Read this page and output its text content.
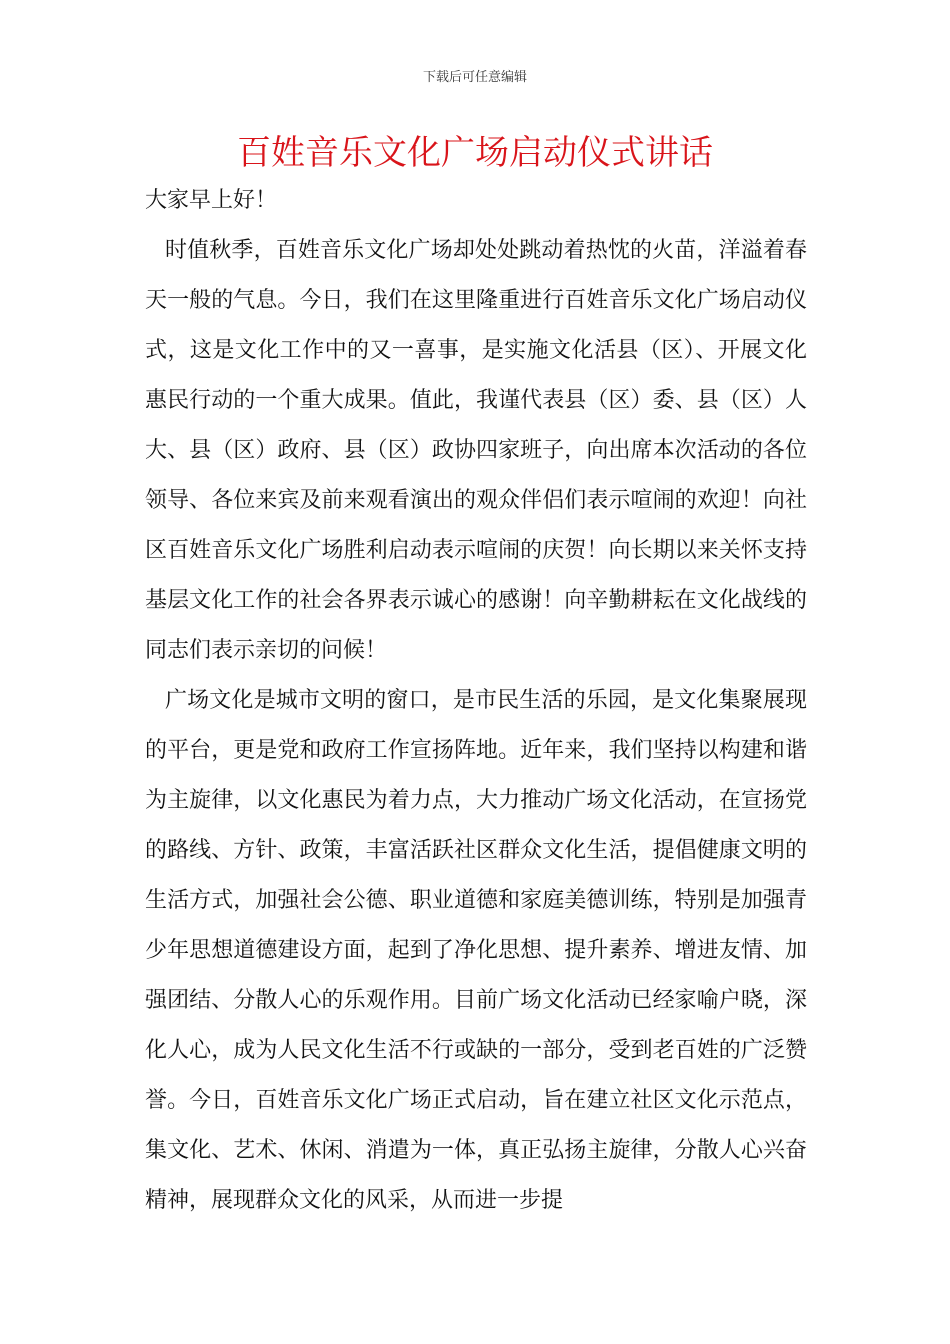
下载后可任意编辑
百姓音乐文化广场启动仪式讲话

大家早上好！

时值秋季，百姓音乐文化广场却处处跳动着热忱的火苗，洋溢着春天一般的气息。今日，我们在这里隆重进行百姓音乐文化广场启动仪式，这是文化工作中的又一喜事，是实施文化活县（区）、开展文化惠民行动的一个重大成果。值此，我谨代表县（区）委、县（区）人大、县（区）政府、县（区）政协四家班子，向出席本次活动的各位领导、各位来宾及前来观看演出的观众伴侣们表示喧闹的欢迎！向社区百姓音乐文化广场胜利启动表示喧闹的庆贺！向长期以来关怀支持基层文化工作的社会各界表示诚心的感谢！向辛勤耕耘在文化战线的同志们表示亲切的问候！

广场文化是城市文明的窗口，是市民生活的乐园，是文化集聚展现的平台，更是党和政府工作宣扬阵地。近年来，我们坚持以构建和谐为主旋律，以文化惠民为着力点，大力推动广场文化活动，在宣扬党的路线、方针、政策，丰富活跃社区群众文化生活，提倡健康文明的生活方式，加强社会公德、职业道德和家庭美德训练，特别是加强青少年思想道德建设方面，起到了净化思想、提升素养、增进友情、加强团结、分散人心的乐观作用。目前广场文化活动已经家喻户晓，深化人心，成为人民文化生活不行或缺的一部分，受到老百姓的广泛赞誉。今日，百姓音乐文化广场正式启动，旨在建立社区文化示范点，集文化、艺术、休闲、消遣为一体，真正弘扬主旋律，分散人心兴奋精神，展现群众文化的风采，从而进一步提
